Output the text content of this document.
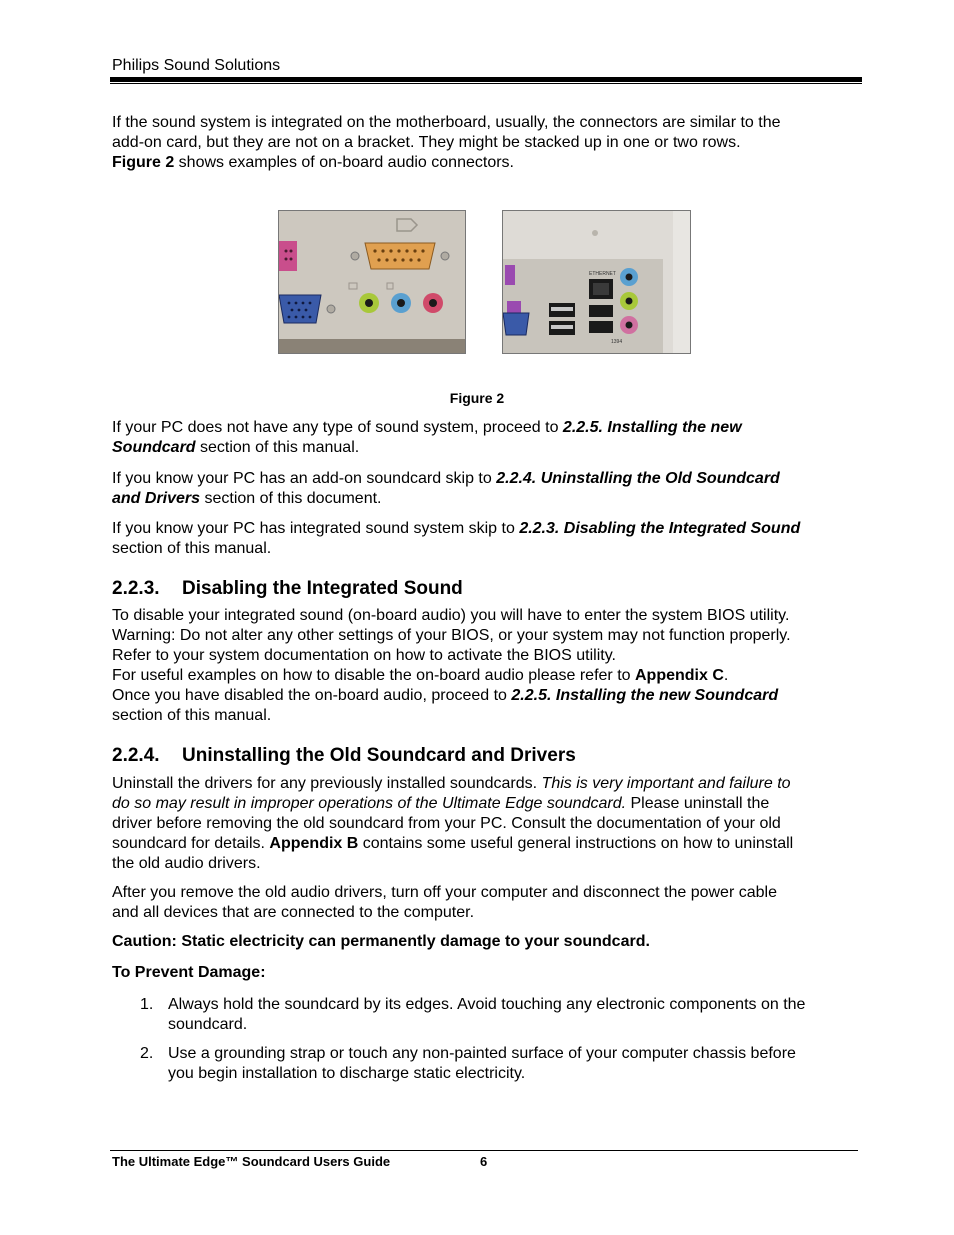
Philips Sound Solutions

If the sound system is integrated on the motherboard, usually, the connectors are similar to the
add-on card, but they are not on a bracket. They might be stacked up in one or two rows.
Figure 2 shows examples of on-board audio connectors.

ETHERNET
1394
Figure 2

If your PC does not have any type of sound system, proceed to 2.2.5. Installing the new
Soundcard section of this manual.

If you know your PC has an add-on soundcard skip to 2.2.4. Uninstalling the Old Soundcard
and Drivers section of this document.

If you know your PC has integrated sound system skip to 2.2.3. Disabling the Integrated Sound
section of this manual.

2.2.3. Disabling the Integrated Sound

To disable your integrated sound (on-board audio) you will have to enter the system BIOS utility.
Warning: Do not alter any other settings of your BIOS, or your system may not function properly.
Refer to your system documentation on how to activate the BIOS utility.
For useful examples on how to disable the on-board audio please refer to Appendix C.
Once you have disabled the on-board audio, proceed to 2.2.5. Installing the new Soundcard
section of this manual.

2.2.4. Uninstalling the Old Soundcard and Drivers

Uninstall the drivers for any previously installed soundcards. This is very important and failure to
do so may result in improper operations of the Ultimate Edge soundcard. Please uninstall the
driver before removing the old soundcard from your PC. Consult the documentation of your old
soundcard for details. Appendix B contains some useful general instructions on how to uninstall
the old audio drivers.

After you remove the old audio drivers, turn off your computer and disconnect the power cable
and all devices that are connected to the computer.

Caution: Static electricity can permanently damage to your soundcard.
To Prevent Damage:
1. Always hold the soundcard by its edges. Avoid touching any electronic components on the
soundcard.
2. Use a grounding strap or touch any non-painted surface of your computer chassis before
you begin installation to discharge static electricity.
The Ultimate Edge™ Soundcard Users Guide	6
